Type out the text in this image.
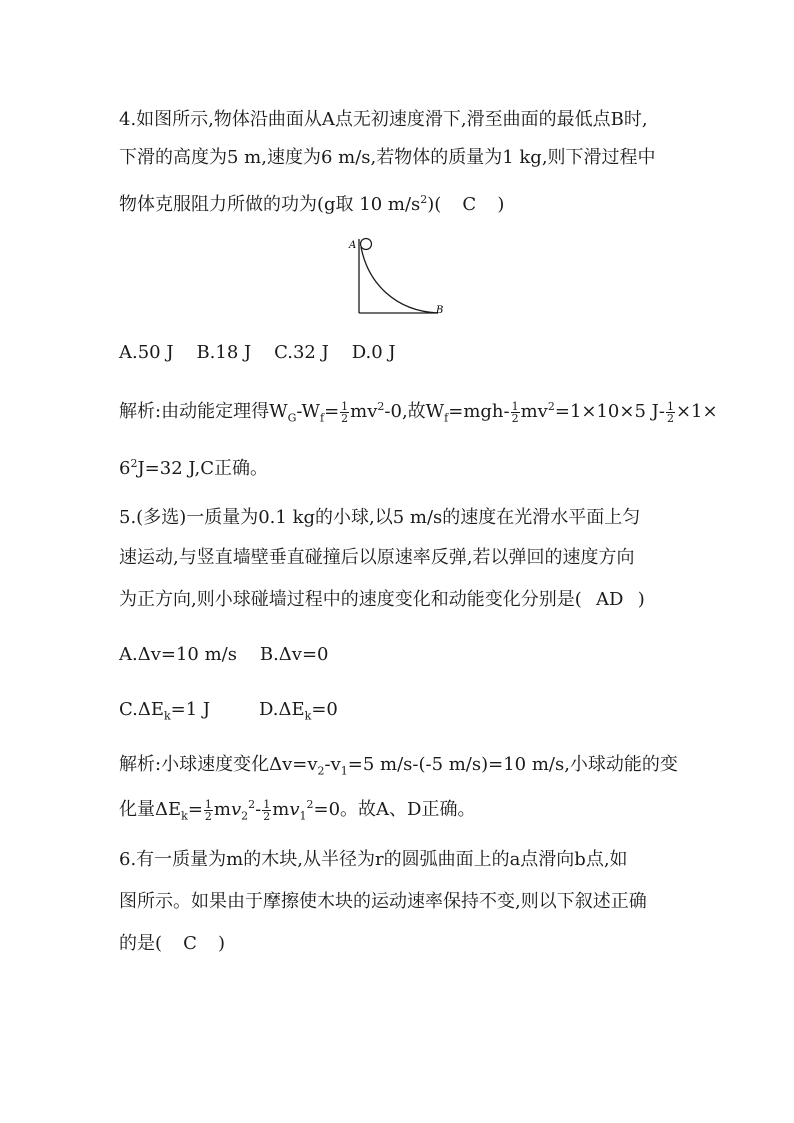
4.如图所示,物体沿曲面从A点无初速度滑下,滑至曲面的最低点B时,
下滑的高度为5 m,速度为6 m/s,若物体的质量为1 kg,则下滑过程中
物体克服阻力所做的功为(g取 10 $m/s^2$)( C )
A
B
A.50 J    B.18 J    C.32 J    D.0 J
解析:由动能定理得$W_G-W_f= \frac{1}{2} mv^2-0$,故$W_f=mgh- \frac{1}{2} mv^2=1\times 10\times 5$ $J- \frac{1}{2} \times 1\times$
$6^2J=32$ J,C正确。
5.(多选)一质量为0.1 kg的小球,以5 m/s的速度在光滑水平面上匀
速运动,与竖直墙壁垂直碰撞后以原速率反弹,若以弹回的速度方向
为正方向,则小球碰墙过程中的速度变化和动能变化分别是( AD )
A.Δv=10 m/s    B.Δv=0
$C.\Delta E_k=1$ J	$D.\Delta E_k=0$
解析:小球速度变化$\Delta v=v_2-v_1=5$ m/s-(-5 m/s)=10 m/s,小球动能的变
化量$\Delta E_k= \frac{1}{2} mv_2^2- \frac{1}{2} mv_1^2=0$。故A、D正确。
6.有一质量为m的木块,从半径为r的圆弧曲面上的a点滑向b点,如
图所示。如果由于摩擦使木块的运动速率保持不变,则以下叙述正确
的是( C )
